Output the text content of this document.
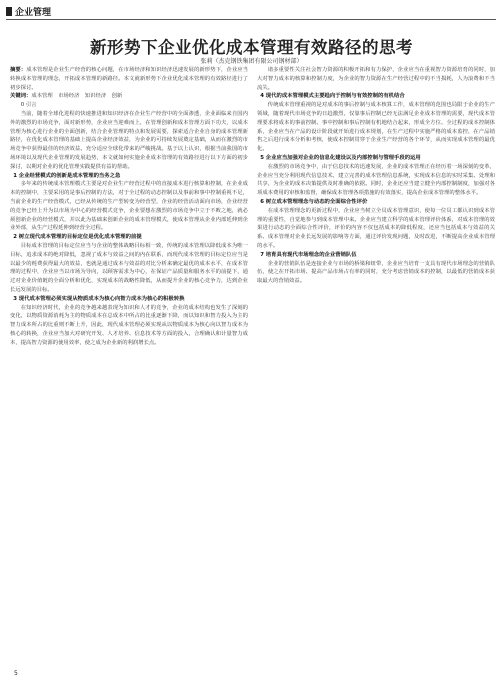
企业管理
新形势下企业优化成本管理有效路径的思考
张莉（杰克钢铁集团有限公司钢材部）

摘要：成本管理是企业生产经营的核心问题，在市场经济和知识经济迅速发展的新形势下，企业应当转换成本管理的理念，开拓成本管理的新路径。本文就新形势下企业优化成本管理的有效路径进行了初步探讨。

关键词：成本管理　市场经济　知识经济　创新

0 引言

当前，随着全球化进程的快速推进和知识经济在企业生产经营中的全面渗透，企业面临来自国内外的激烈的市场竞争，面对新形势，企业应当迎难而上，在管理创新和成本管理方面下功夫，以成本管理为核心进行企业的全面创新，结合企业管理的特点和发展需要，探索适合企业自身的成本管理新路径，在优化成本管理的基础上提高企业经济效益，为企业的可持续发展奠定基础，从而在激烈的市场竞争中获得最佳的经济效益。充分适应全球化带来的严峻挑战。基于以上认识，根据当前我国的市场环境以及现代企业管理的发展趋势，本文就如何实施企业成本管理的有效路径进行以下方面的初步探讨，以期对企业的优化管理实践提供有益的帮助。

1 企业经营模式的创新是成本管理的当务之急

多年来的传统成本管理模式主要是对企业生产经营过程中的直接成本进行核算和控制，在企业成本的控制中，主要采用的是事后控制的方法，对于全过程的动态控制以及事前和事中控制重视不足，当前企业的生产经营模式，已经从传统的生产型转变为经营型，企业的经营活动面向市场，企业经营的竞争已经上升为以市场为中心的经营模式竞争，企业要想在激烈的市场竞争中立于不败之地，就必须创新企业的经营模式，并以此为基础来创新企业的成本管理模式，使成本管理从企业内部延伸到企业外部，从生产过程延伸到经营全过程。

2 树立现代成本管理的目标定位是优化成本管理的前提

目标成本管理的目标定位应当与企业的整体战略目标相一致，传统的成本管理以降低成本为唯一目标，追求成本的绝对降低，忽视了成本与效益之间的内在联系，而现代成本管理的目标定位应当是以最少的耗费获得最大的效益，也就是通过成本与效益的对比分析来确定最优的成本水平，在成本管理的过程中，企业应当以市场为导向，以顾客需求为中心，在保证产品质量和服务水平的前提下，通过对企业价值链的全面分析和优化，实现成本的战略性降低，从而提升企业的核心竞争力，达到企业长远发展的目标。

3 现代成本管理必须实现从物质成本为核心向智力成本为核心的积极转换

在知识经济时代，企业的竞争越来越表现为知识和人才的竞争，企业的成本结构也发生了深刻的变化，以物质资源消耗为主的物质成本在总成本中所占的比重逐渐下降，而以知识和智力投入为主的智力成本所占的比重则不断上升，因此，现代成本管理必须实现从以物质成本为核心向以智力成本为核心的转换，企业应当加大对研究开发、人才培养、信息技术等方面的投入，合理确认和计量智力成本，提高智力资源的使用效率，使之成为企业新的利润增长点。

诸多重要性关注社会智力资源的积极开拓和有力保护，企业应当在重视智力资源培育的同时，加大对智力成本的核算和控制力度，为企业的智力资源在生产经营过程中的不当损耗，人为浪费和不当流失。

4 现代的成本管理模式主要趋向于控制与有效控制的有机结合

传统成本管理重视的是对成本的事后控制与成本核算工作，成本管理的范围也局限于企业的生产领域，随着现代市场竞争的日趋激烈，仅靠事后控制已经无法满足企业成本管理的需要，现代成本管理要求将成本的事前控制、事中控制和事后控制有机地结合起来，形成全方位、全过程的成本控制体系，企业应当在产品的设计阶段就开始进行成本规划，在生产过程中实施严格的成本监控，在产品销售之后进行成本分析和考核，使成本控制贯穿于企业生产经营的各个环节，从而实现成本管理的最优化。

5 企业应当加强对企业的信息化建设以及内部控制与管理手段的运用

在激烈的市场竞争中，由于信息技术的迅速发展，企业的成本管理正在经历着一场深刻的变革，企业应当充分利用现代信息技术，建立完善的成本管理信息系统，实现成本信息的实时采集、处理和共享，为企业的成本决策提供及时准确的依据。同时，企业还应当建立健全内部控制制度，加强对各项成本费用的审核和监督，确保成本管理各项措施的有效落实，提高企业成本管理的整体水平。

6 树立成本管理理念与动态的全面综合性评价

在成本管理理念的更新过程中，企业应当树立全员成本管理意识，使每一位员工都认识到成本管理的重要性，自觉地参与到成本管理中来。企业应当建立科学的成本管理评价体系，对成本管理的效果进行动态的全面综合性评价，评价的内容不仅包括成本的降低程度，还应当包括成本与效益的关系、成本管理对企业长远发展的影响等方面，通过评价发现问题，及时改进，不断提高企业成本管理的水平。

7 培育具有现代市场理念的企业营销队伍

企业的营销队伍是连接企业与市场的桥梁和纽带，企业应当培育一支具有现代市场理念的营销队伍，使之在开拓市场、提高产品市场占有率的同时，充分考虑营销成本的控制，以最低的营销成本获取最大的营销效益。

5
